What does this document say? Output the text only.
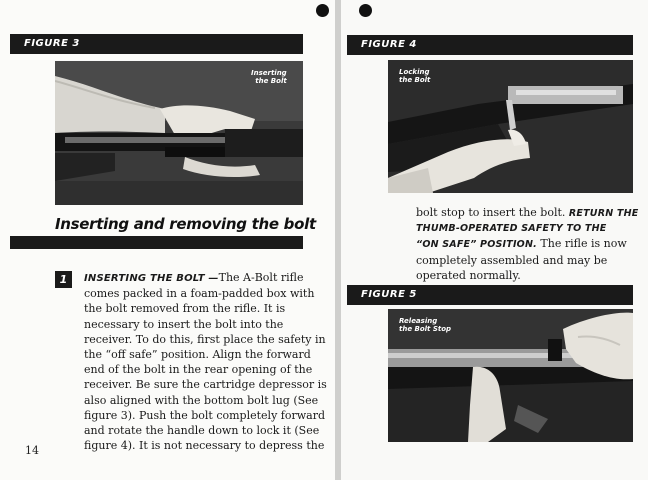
FIGURE 3
Inserting
the Bolt
Inserting and removing the bolt
1	INSERTING THE BOLT —The A-Bolt rifle
comes packed in a foam-padded box with
the bolt removed from the rifle. It is
necessary to insert the bolt into the
receiver. To do this, first place the safety in
the “off safe” position. Align the forward
end of the bolt in the rear opening of the
receiver. Be sure the cartridge depressor is
also aligned with the bottom bolt lug (See
figure 3). Push the bolt completely forward
and rotate the handle down to lock it (See
figure 4). It is not necessary to depress the
14
FIGURE 4
Locking
the Bolt
bolt stop to insert the bolt. RETURN THE
THUMB-OPERATED SAFETY TO THE
“ON SAFE” POSITION. The rifle is now
completely assembled and may be
operated normally.
FIGURE 5
Releasing
the Bolt Stop
